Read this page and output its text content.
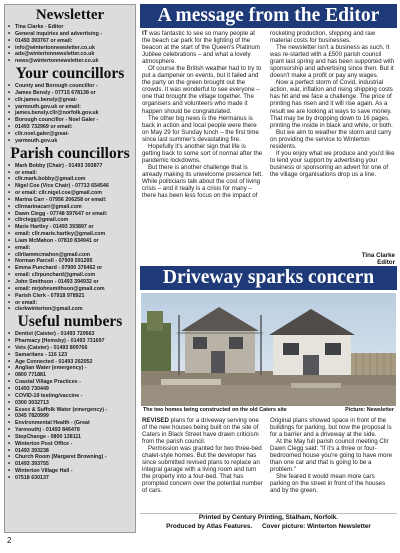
Newsletter
• Tina Clarke - Editor
• General inquiries and advertising -
• 01493 393767 or email:
• info@wintertonnewsletter.co.uk
• ads@wintertonnewsletter.co.uk
• news@wintertonnewsletter.co.uk
Your councillors
• County and Borough councillor -
• James Bensly - 07715 678138 or
• cllr.james.bensly@great-
• yarmouth.gov.uk or email:
• james.bensly.cllr@norfolk.gov.uk
• Borough councillor - Noel Galer -
• 01493 732969 or email:
• cllr.noel.galer@great-
• yarmouth.gov.uk
Parish councillors
• Mark Bobby (Chair) - 01493 393877
• or email:
• cllr.mark.bobby@gmail.com
• Nigel Coe (Vice Chair) - 07713 654546
• or email: cllr.nigel.coe@gmail.com
• Marina Carr - 07956 206258 or email:
• cllrmarinacarr@gmail.com
• Dawn Clegg - 07748 597647 or email:
• cllrclegg@gmail.com
• Marie Hartley - 01493 393897 or
• email: cllr.marie.hartley@gmail.com
• Liam McMahon - 07810 834941 or
• email:
• cllrliammcmahon@gmail.com
• Norman Parcell - 07909 591295
• Emma Punchard - 07900 376462 or
• email: cllrpunchard@gmail.com
• John Smithson - 01493 394932 or
• email: mrjohnsmithson@gmail.com
• Parish Clerk - 07918 978921
• or email:
• clerkwinterton@gmail.com
Useful numbers
• Dentist (Caister) - 01493 720663
• Pharmacy (Hemsby) - 01493 731697
• Vets (Caister) - 01493 809766
• Samaritans - 116 123
• Age Connected - 01493 262052
• Anglian Water (emergency) -
• 0800 771881
• Coastal Village Practices -
• 01493 730449
• COVID-19 testing/vaccine -
• 0300 3032713
• Essex & Suffolk Water (emergency) -
• 0345 7820999
• Environmental Health - (Great
• Yarmouth) - 01493 846478
• StepChange - 0800 138111
• Winterton Post Office -
• 01493 393238
• Church Room (Margaret Browning) -
• 01493 393755
• Winterton Village Hall -
• 07518 630137
A message from the Editor

IT was fantastic to see so many people at the beach car park for the lighting of the beacon at the start of the Queen's Platinum Jubilee celebrations – and what a lovely atmosphere.

Of course the British weather had to try to put a dampener on events, but it failed and the party on the green brought out the crowds. It was wonderful to see everyone – one that brought the village together. The organisers and volunteers who made it happen should be congratulated.

The other big news is the Hermanus is back in action and local people were there on May 29 for Sunday lunch – the first time since last summer's devastating fire.

Hopefully it's another sign that life is getting back to some sort of normal after the pandemic lockdowns.

But there is another challenge that is already making its unwelcome presence felt. While politicians talk about the cost of living crisis – and it really is a crisis for many – there has been less focus on the impact of

rocketing production, shipping and raw material costs for businesses.

The newsletter isn't a business as such. It was re-started with a £500 parish council grant last spring and has been supported with sponsorship and advertising since then. But it doesn't make a profit or pay any wages.

Now a perfect storm of Covid, industrial action, war, inflation and rising shipping costs has hit and we face a challenge. The price of printing has risen and it will rise again. As a result we are looking at ways to save money. That may be by dropping down to 16 pages, printing the inside in black and white, or both.

But we aim to weather the storm and carry on providing the service to Winterton residents.

If you enjoy what we produce and you'd like to lend your support by advertising your business or sponsoring an advert for one of the village organisations drop us a line.

Tina Clarke
Editor
Driveway sparks concern
The two homes being constructed on the old Caters site	Picture: Newsletter

REVISED plans for a driveway serving one of the new houses being built on the site of Caters in Black Street have drawn criticism from the parish council.

Permission was granted for two three-bed chalet-style homes. But the developer has since submitted revised plans to replace an integral garage with a living room and turn the property into a four-bed. That has prompted concern over the potential number of cars.

Original plans showed space in front of the buildings for parking, but now the proposal is for a barrier and a driveway at the side.

At the May full parish council meeting Cllr Dawn Clegg said: "If it's a three or four- bedroomed house you're going to have more than one car and that is going to be a problem."

She feared it would mean more cars parking on the street in front of the houses and by the green.

Printed by Century Printing, Stalham, Norfolk.
Produced by Atlas Features. Cover picture: Winterton Newsletter
2
